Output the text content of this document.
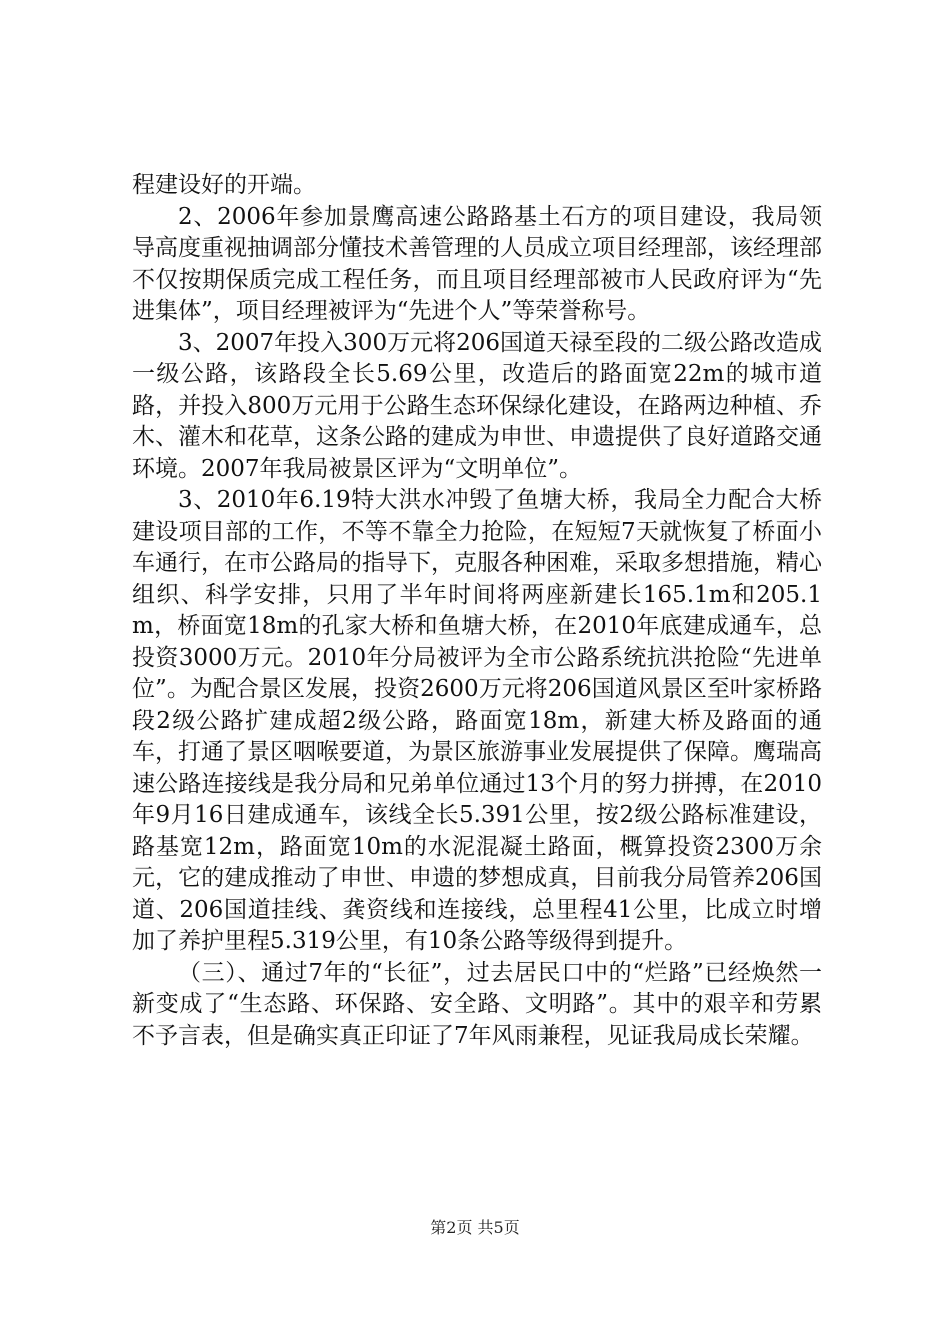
程建设好的开端。

2、2006年参加景鹰高速公路路基土石方的项目建设，我局领导高度重视抽调部分懂技术善管理的人员成立项目经理部，该经理部不仅按期保质完成工程任务，而且项目经理部被市人民政府评为“先进集体”，项目经理被评为“先进个人”等荣誉称号。

3、2007年投入300万元将206国道天禄至段的二级公路改造成一级公路，该路段全长5.69公里，改造后的路面宽22m的城市道路，并投入800万元用于公路生态环保绿化建设，在路两边种植、乔木、灌木和花草，这条公路的建成为申世、申遗提供了良好道路交通环境。2007年我局被景区评为“文明单位”。

3、2010年6.19特大洪水冲毁了鱼塘大桥，我局全力配合大桥建设项目部的工作，不等不靠全力抢险，在短短7天就恢复了桥面小车通行，在市公路局的指导下，克服各种困难，采取多想措施，精心组织、科学安排，只用了半年时间将两座新建长165.1m和205.1m，桥面宽18m的孔家大桥和鱼塘大桥，在2010年底建成通车，总投资3000万元。2010年分局被评为全市公路系统抗洪抢险“先进单位”。为配合景区发展，投资2600万元将206国道风景区至叶家桥路段2级公路扩建成超2级公路，路面宽18m，新建大桥及路面的通车，打通了景区咽喉要道，为景区旅游事业发展提供了保障。鹰瑞高速公路连接线是我分局和兄弟单位通过13个月的努力拼搏，在2010年9月16日建成通车，该线全长5.391公里，按2级公路标准建设，路基宽12m，路面宽10m的水泥混凝土路面，概算投资2300万余元，它的建成推动了申世、申遗的梦想成真，目前我分局管养206国道、206国道挂线、龚资线和连接线，总里程41公里，比成立时增加了养护里程5.319公里，有10条公路等级得到提升。

（三）、通过7年的“长征”，过去居民口中的“烂路”已经焕然一新变成了“生态路、环保路、安全路、文明路”。其中的艰辛和劳累不予言表，但是确实真正印证了7年风雨兼程，见证我局成长荣耀。

第2页 共5页
